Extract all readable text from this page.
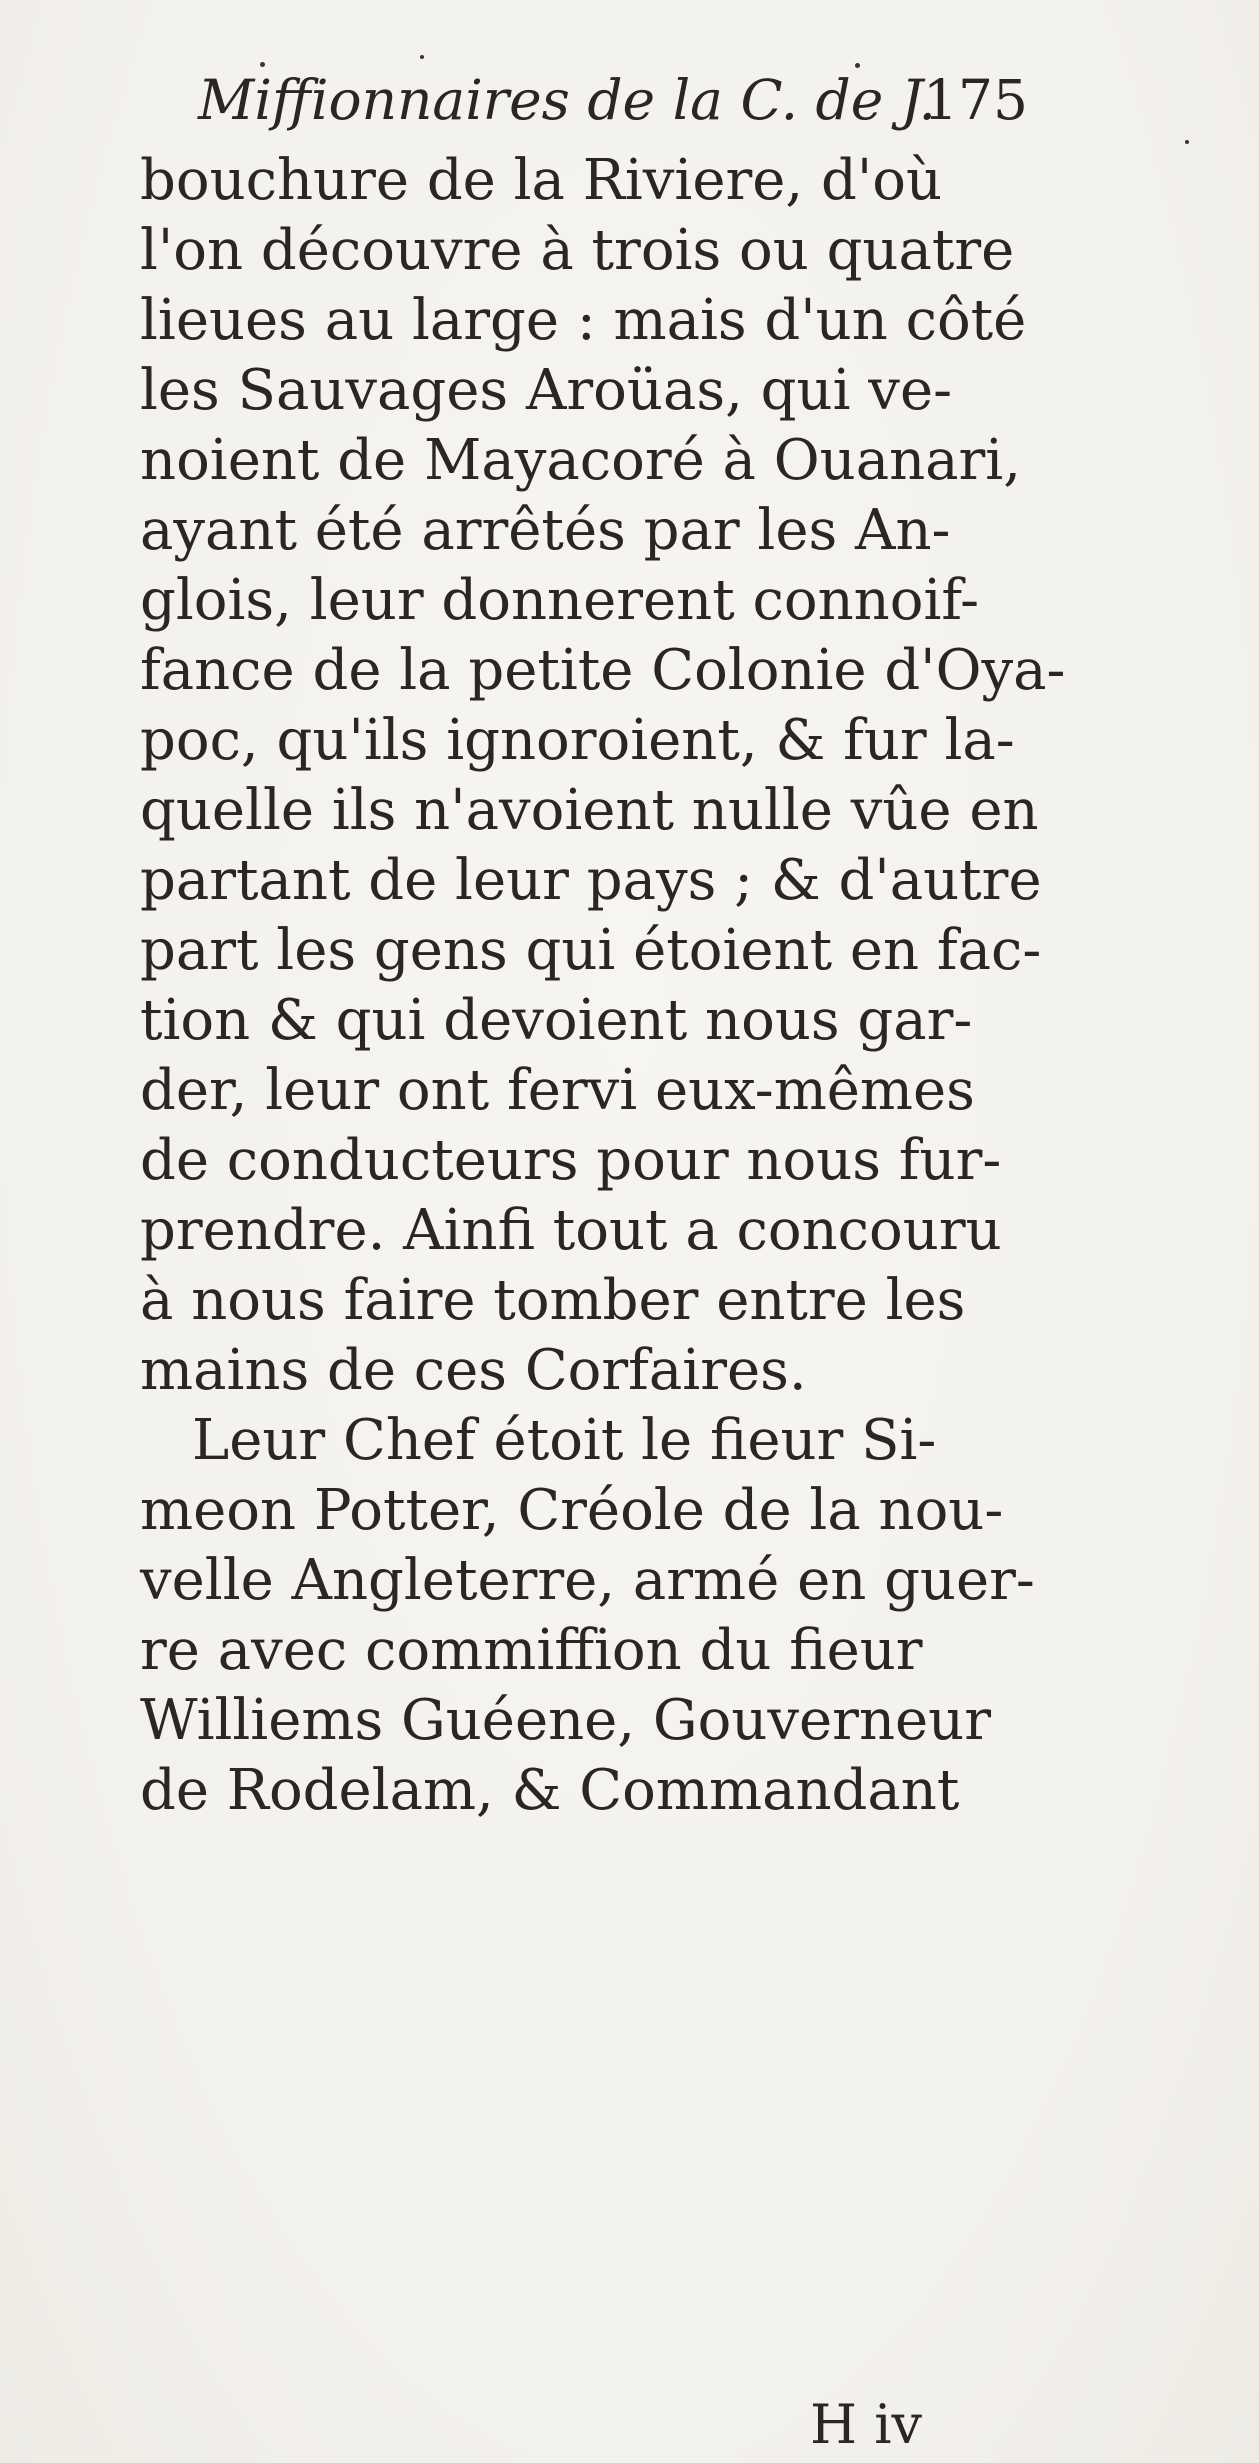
Miffionnaires de la C. de J.
175
bouchure de la Riviere, d'où
l'on découvre à trois ou quatre
lieues au large : mais d'un côté
les Sauvages Aroüas, qui ve-
noient de Mayacoré à Ouanari,
ayant été arrêtés par les An-
glois, leur donnerent connoif-
fance de la petite Colonie d'Oya-
poc, qu'ils ignoroient, & fur la-
quelle ils n'avoient nulle vûe en
partant de leur pays ; & d'autre
part les gens qui étoient en fac-
tion & qui devoient nous gar-
der, leur ont fervi eux-mêmes
de conducteurs pour nous fur-
prendre. Ainfi tout a concouru
à nous faire tomber entre les
mains de ces Corfaires.
Leur Chef étoit le fieur Si-
meon Potter, Créole de la nou-
velle Angleterre, armé en guer-
re avec commiffion du fieur
Williems Guéene, Gouverneur
de Rodelam, & Commandant
H iv
